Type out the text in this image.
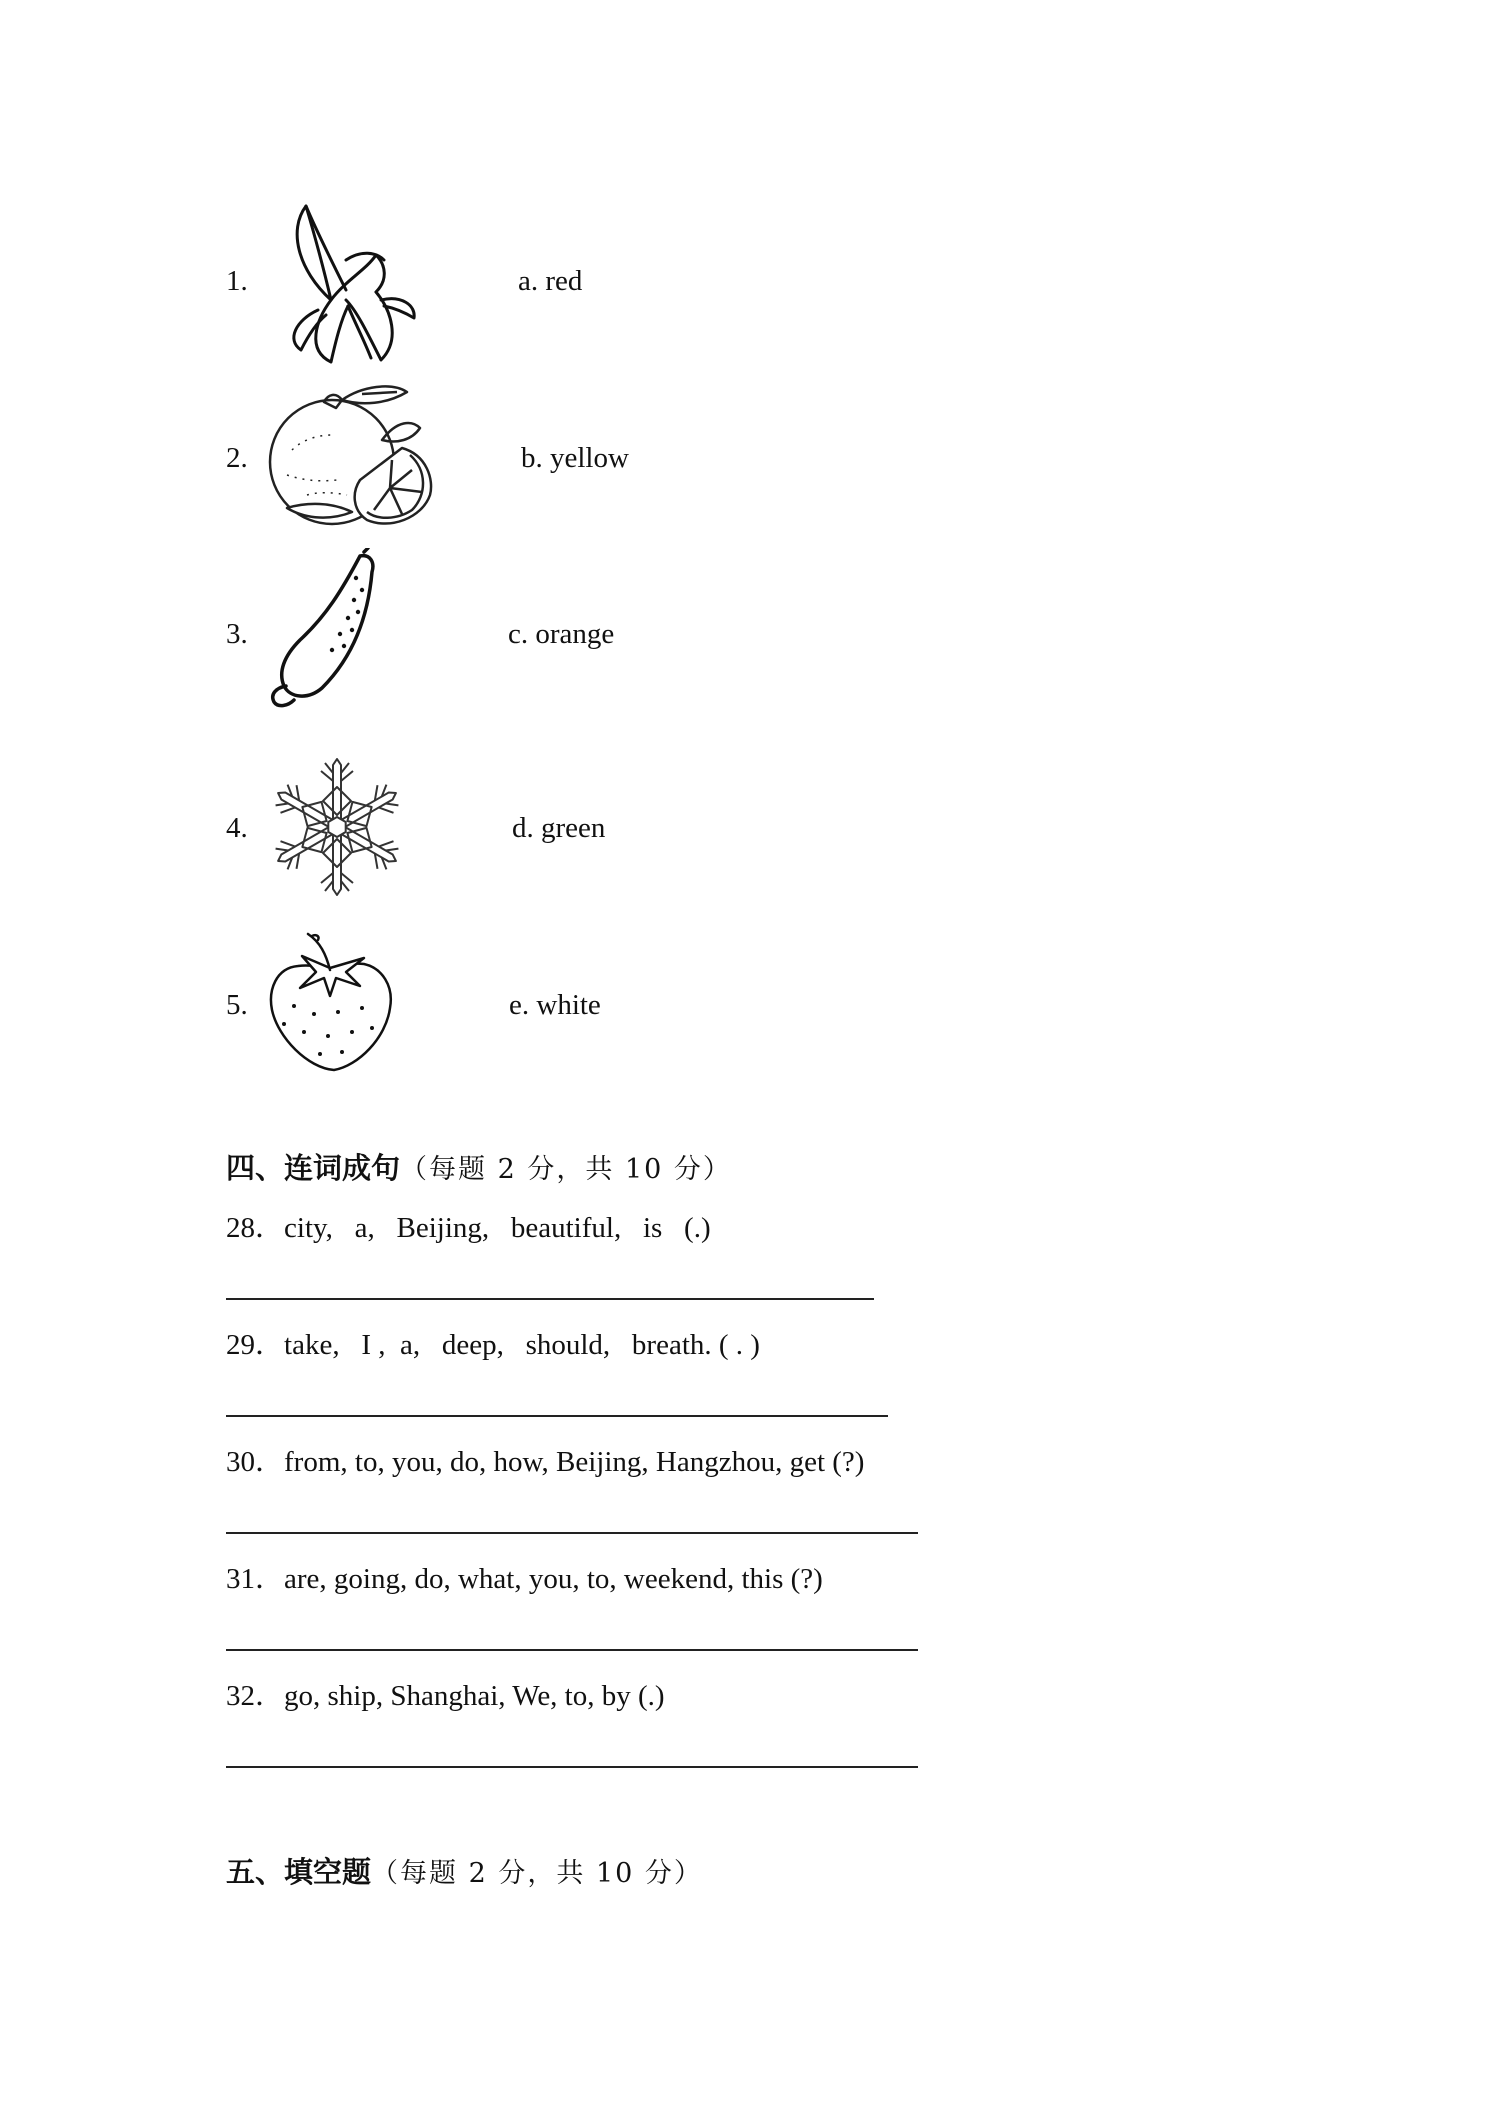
1.	a. red
2.	b. yellow
3.	c. orange
4.	d. green
5.	e. white
四、连词成句（每题 2 分，共 10 分）
28．city,   a,   Beijing,   beautiful,   is   (.)
29．take,   I ,  a,   deep,   should,   breath. ( . )
30．from, to, you, do, how, Beijing, Hangzhou, get (?)
31．are, going, do, what, you, to, weekend, this (?)
32．go, ship, Shanghai, We, to, by (.)
五、填空题（每题 2 分，共 10 分）
